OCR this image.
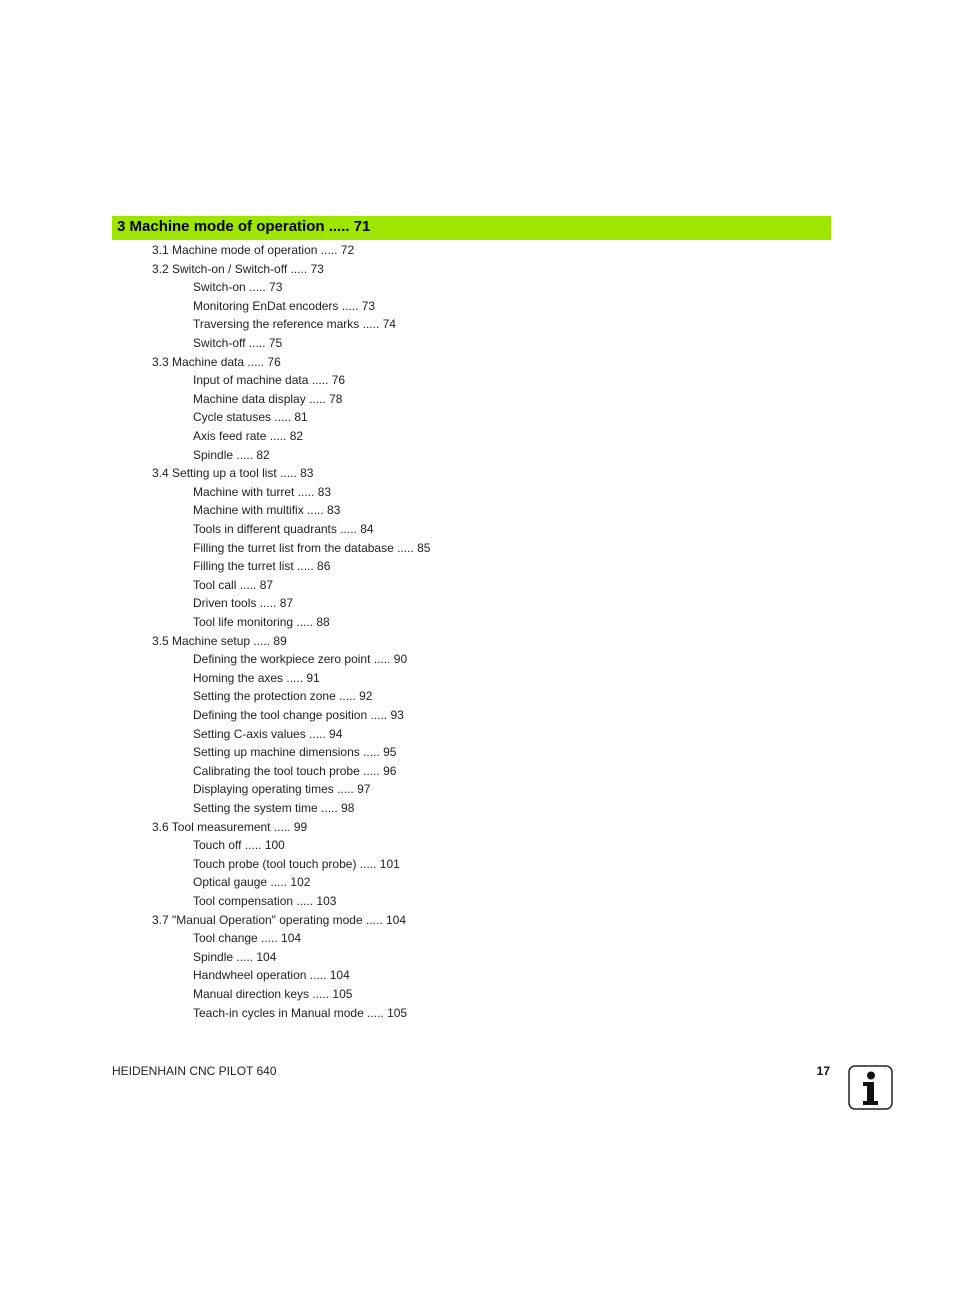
3 Machine mode of operation ..... 71
3.1 Machine mode of operation ..... 72
3.2 Switch-on / Switch-off ..... 73
Switch-on ..... 73
Monitoring EnDat encoders ..... 73
Traversing the reference marks ..... 74
Switch-off ..... 75
3.3 Machine data ..... 76
Input of machine data ..... 76
Machine data display ..... 78
Cycle statuses ..... 81
Axis feed rate ..... 82
Spindle ..... 82
3.4 Setting up a tool list ..... 83
Machine with turret ..... 83
Machine with multifix ..... 83
Tools in different quadrants ..... 84
Filling the turret list from the database ..... 85
Filling the turret list ..... 86
Tool call ..... 87
Driven tools ..... 87
Tool life monitoring ..... 88
3.5 Machine setup ..... 89
Defining the workpiece zero point ..... 90
Homing the axes ..... 91
Setting the protection zone ..... 92
Defining the tool change position ..... 93
Setting C-axis values ..... 94
Setting up machine dimensions ..... 95
Calibrating the tool touch probe ..... 96
Displaying operating times ..... 97
Setting the system time ..... 98
3.6 Tool measurement ..... 99
Touch off ..... 100
Touch probe (tool touch probe) ..... 101
Optical gauge ..... 102
Tool compensation ..... 103
3.7 "Manual Operation" operating mode ..... 104
Tool change ..... 104
Spindle ..... 104
Handwheel operation ..... 104
Manual direction keys ..... 105
Teach-in cycles in Manual mode ..... 105
HEIDENHAIN CNC PILOT 640	17
